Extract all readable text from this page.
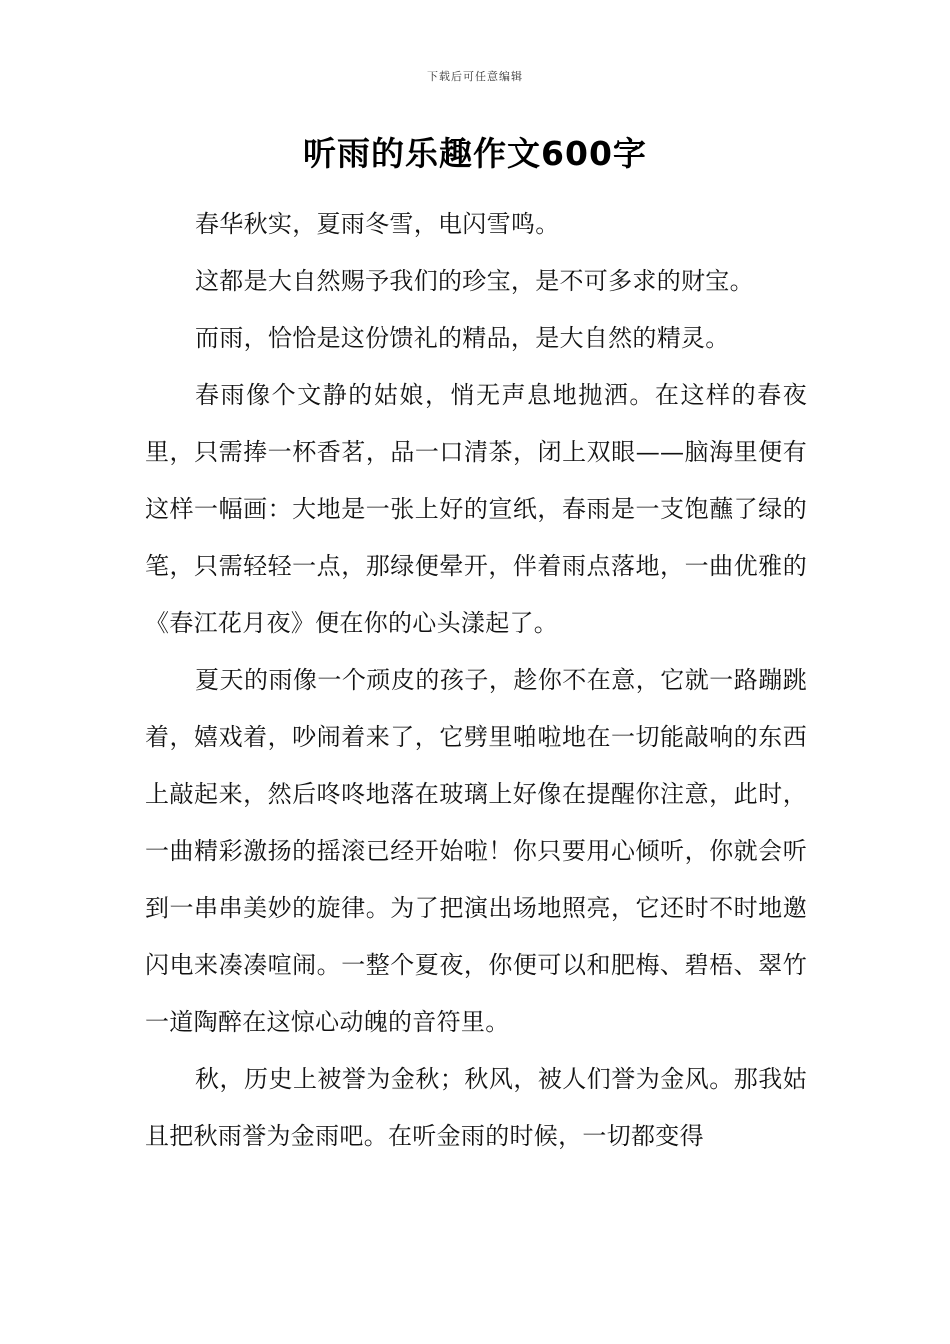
下载后可任意编辑
听雨的乐趣作文600字

春华秋实，夏雨冬雪，电闪雪鸣。

这都是大自然赐予我们的珍宝，是不可多求的财宝。

而雨，恰恰是这份馈礼的精品，是大自然的精灵。

春雨像个文静的姑娘，悄无声息地抛洒。在这样的春夜里，只需捧一杯香茗，品一口清茶，闭上双眼——脑海里便有这样一幅画：大地是一张上好的宣纸，春雨是一支饱蘸了绿的笔，只需轻轻一点，那绿便晕开，伴着雨点落地，一曲优雅的《春江花月夜》便在你的心头漾起了。

夏天的雨像一个顽皮的孩子，趁你不在意，它就一路蹦跳着，嬉戏着，吵闹着来了，它劈里啪啦地在一切能敲响的东西上敲起来，然后咚咚地落在玻璃上好像在提醒你注意，此时，一曲精彩激扬的摇滚已经开始啦！你只要用心倾听，你就会听到一串串美妙的旋律。为了把演出场地照亮，它还时不时地邀闪电来凑凑喧闹。一整个夏夜，你便可以和肥梅、碧梧、翠竹一道陶醉在这惊心动魄的音符里。

秋，历史上被誉为金秋；秋风，被人们誉为金风。那我姑且把秋雨誉为金雨吧。在听金雨的时候，一切都变得
